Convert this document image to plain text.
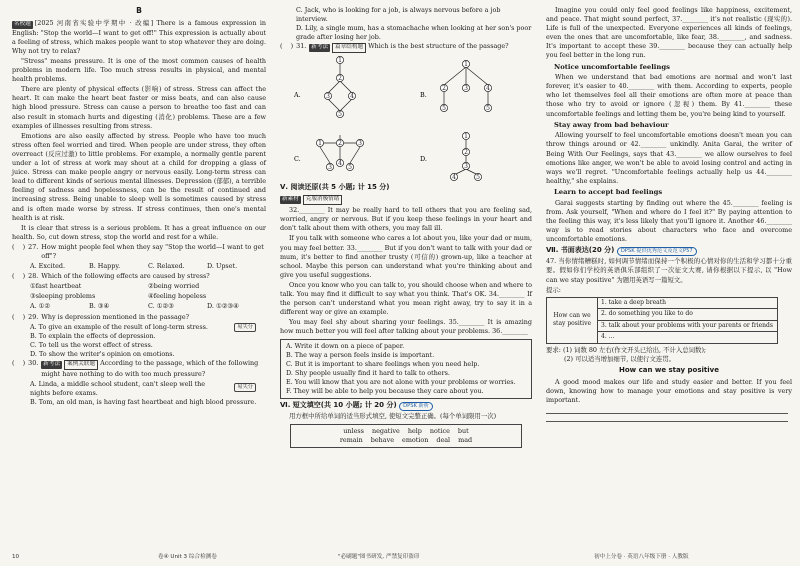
B

名校题 [2025 河南省实验中学期中 · 改编] There is a famous expression in English: "Stop the world—I want to get off!" This expression is actually about a feeling of stress, which makes people want to stop whatever they are doing. Why not try to relax?

"Stress" means pressure. It is one of the most common causes of health problems in modern life. Too much stress results in physical, and mental health problems.

There are plenty of physical effects (影响) of stress. Stress can affect the heart. It can make the heart beat faster or miss beats, and can also cause high blood pressure. Stress can cause a person to breathe too fast and can also result in stomach hurts and digesting (消化) problems. These are a few examples of illnesses resulting from stress.

Emotions are also easily affected by stress. People who have too much stress often feel worried and tired. When people are under stress, they often overreact (反应过激) to little problems. For example, a normally gentle parent under a lot of stress at work may shout at a child for dropping a glass of juice. Stress can make people angry or nervous easily. Long-term stress can lead to different kinds of serious mental illnesses. Depression (郁郁), a terrible feeling of sadness and hopelessness, can be the result of continued and increasing stress. Being unable to sleep well is sometimes caused by stress and is often made worse by stress. If stress continues, then one's mental health is at risk.

It is clear that stress is a serious problem. It has a great influence on our health. So, cut down stress, stop the world and rest for a while.

(    ) 27. How might people feel when they say "Stop the world—I want to get off"?
A. Excited.	B. Happy.	C. Relaxed.	D. Upset.
(    ) 28. Which of the following effects are caused by stress?
①fast heartbeat	②being worried
③sleeping problems	④feeling hopeless
A. ①②	B. ③④	C. ①②③	D. ①②③④
(    ) 29. Why is depression mentioned in the passage?
A. To give an example of the result of long-term stress.
B. To explain the effects of depression.
C. To tell us the worst effect of stress.
D. To show the writer's opinion on emotions.
易失分
(    ) 30. 新考法 案例关联题 According to the passage, which of the following might have nothing to do with too much pressure?
A. Linda, a middle school student, can't sleep well the nights before exams.
B. Tom, an old man, is having fast heartbeat and high blood pressure.
易失分
C. Jack, who is looking for a job, is always nervous before a job interview.
D. Lily, a single mum, has a stomachache when looking at her son's poor grade after losing her job.
(    ) 31. 新考法 篇章结构题 Which is the best structure of the passage?
1
2
3	4
5
1
2	3	4
5	5
A.	B.
1	2	3
3
4
5
1
2
3
4	5
C.	D.
Ⅴ. 阅读还原(共 5 小题; 计 15 分)
新素材 克服消极情绪

32.________ It may be really hard to tell others that you are feeling sad, worried, angry or nervous. But if you keep these feelings in your heart and don't talk about them with others, you may fall ill.

If you talk with someone who cares a lot about you, like your dad or mum, you may feel better. 33.________ But if you don't want to talk with your dad or mum, it's better to find another trusty (可信的) grown-up, like a teacher at school. Maybe this person can understand what you're thinking about and give you useful suggestions.

Once you know who you can talk to, you should choose when and where to talk. You may find it difficult to say what you think. That's OK. 34.________ If the person can't understand what you mean right away, try to say it in a different way or give an example.

You may feel shy about sharing your feelings. 35.________ It is amazing how much better you will feel after talking about your problems. 36.________

A. Write it down on a piece of paper.
B. The way a person feels inside is important.
C. But it is important to share feelings when you need help.
D. Shy people usually find it hard to talk to others.
E. You will know that you are not alone with your problems or worries.
F. They will be able to help you because they care about you.
Ⅵ. 短文填空(共 10 小题; 计 20 分) DPSK 新析

用方框中所给单词的适当形式填空, 使短文完整正确。(每个单词限用一次)

unless negative help notice but
remain behave emotion deal mad

Imagine you could only feel good feelings like happiness, excitement, and peace. That might sound perfect, 37.________ it's not realistic (现实的). Life is full of the unexpected. Everyone experiences all kinds of feelings, even the ones that are uncomfortable, like fear, 38.________, and sadness. It's important to accept these 39.________ because they can actually help you feel better in the long run.

Notice uncomfortable feelings

When we understand that bad emotions are normal and won't last forever, it's easier to 40.________ with them. According to experts, people who let themselves feel all their emotions are often more at peace than those who try to avoid or ignore (忽视) them. By 41.________ these uncomfortable feelings and letting them be, you're being kind to yourself.

Stay away from bad behaviour

Allowing yourself to feel uncomfortable emotions doesn't mean you can throw things around or 42.________ unkindly. Anita Garai, the writer of Being With Our Feelings, says that 43.________ we allow ourselves to feel emotions like anger, we won't be able to avoid losing control and acting in ways we'll regret. "Uncomfortable feelings actually help us 44.________ healthy," she explains.

Learn to accept bad feelings

Garai suggests starting by finding out where the 45.________ feeling is from. Ask yourself, "When and where do I feel it?" By paying attention to the feeling this way, it's less likely that you'll ignore it. Another 46.________ way is to read stories about characters who face and overcome uncomfortable emotions.

Ⅶ. 书面表达(20 分) DPSK 提供优秀范文及范文P57

47. 当你情绪糟糕时, 如何调节情绪而保持一个积极的心情对你的生活和学习都十分重要。假如你们学校的英语俱乐部组织了一次征文大赛, 请你根据以下提示, 以 "How can we stay positive" 为题用英语写一篇短文。

提示:
How can we stay positive	1. take a deep breath
2. do something you like to do
3. talk about your problems with your parents or friends
4. ...
要求: (1) 词数 80 左右(作文开头已给出, 不计入总词数);
(2) 可以适当增加细节, 以使行文连贯。
How can we stay positive

A good mood makes our life and study easier and better. If you feel down, knowing how to manage your emotions and stay positive is very important.

10	卷④ Unit 3 综合检测卷	"必刷题"图书研发, 严禁复印盗印	初中上分卷 · 英语八年级下册 · 人教版
